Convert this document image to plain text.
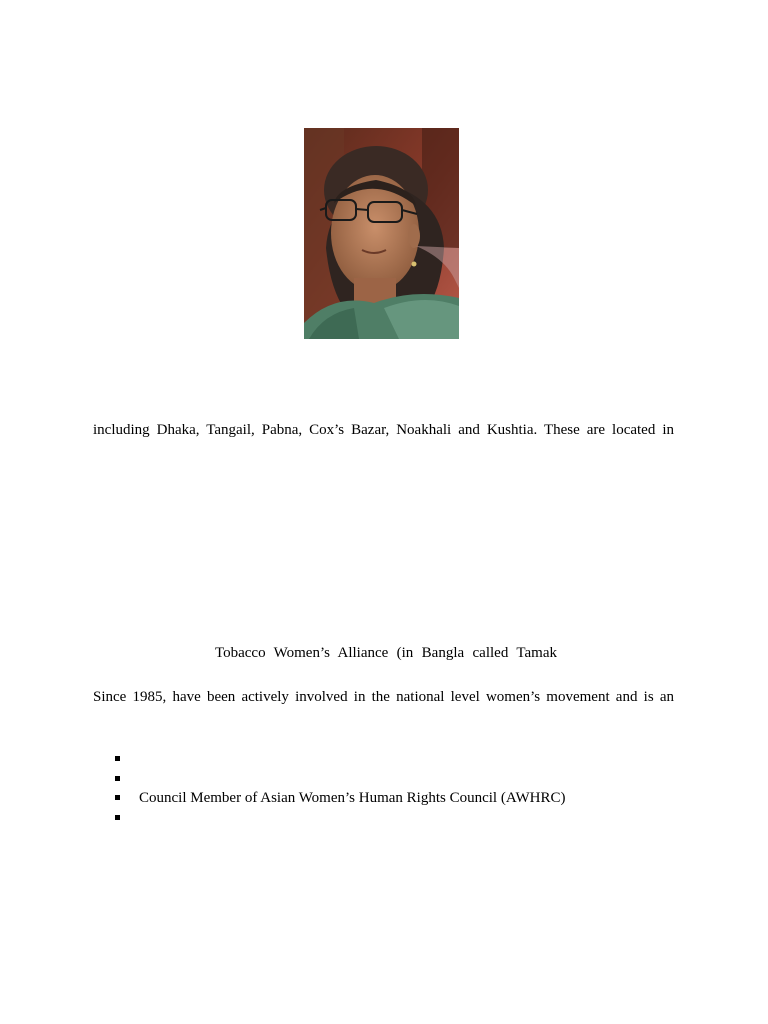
including Dhaka, Tangail, Pabna, Cox’s Bazar, Noakhali and Kushtia. These are located in
Tobacco Women’s Alliance (in Bangla called Tamak
Since 1985, have been actively involved in the national level women’s movement and is an
Council Member of Asian Women’s Human Rights Council (AWHRC)
